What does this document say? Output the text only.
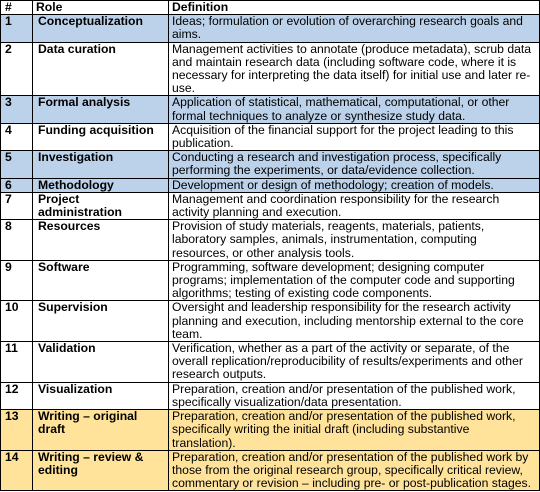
#	Role	Definition
1	Conceptualization	Ideas; formulation or evolution of overarching research goals and aims.
2	Data curation	Management activities to annotate (produce metadata), scrub data and maintain research data (including software code, where it is necessary for interpreting the data itself) for initial use and later re-use.
3	Formal analysis	Application of statistical, mathematical, computational, or other formal techniques to analyze or synthesize study data.
4	Funding acquisition	Acquisition of the financial support for the project leading to this publication.
5	Investigation	Conducting a research and investigation process, specifically performing the experiments, or data/evidence collection.
6	Methodology	Development or design of methodology; creation of models.
7	Project administration	Management and coordination responsibility for the research activity planning and execution.
8	Resources	Provision of study materials, reagents, materials, patients, laboratory samples, animals, instrumentation, computing resources, or other analysis tools.
9	Software	Programming, software development; designing computer programs; implementation of the computer code and supporting algorithms; testing of existing code components.
10	Supervision	Oversight and leadership responsibility for the research activity planning and execution, including mentorship external to the core team.
11	Validation	Verification, whether as a part of the activity or separate, of the overall replication/reproducibility of results/experiments and other research outputs.
12	Visualization	Preparation, creation and/or presentation of the published work, specifically visualization/data presentation.
13	Writing – original draft	Preparation, creation and/or presentation of the published work, specifically writing the initial draft (including substantive translation).
14	Writing – review & editing	Preparation, creation and/or presentation of the published work by those from the original research group, specifically critical review, commentary or revision – including pre- or post-publication stages.
